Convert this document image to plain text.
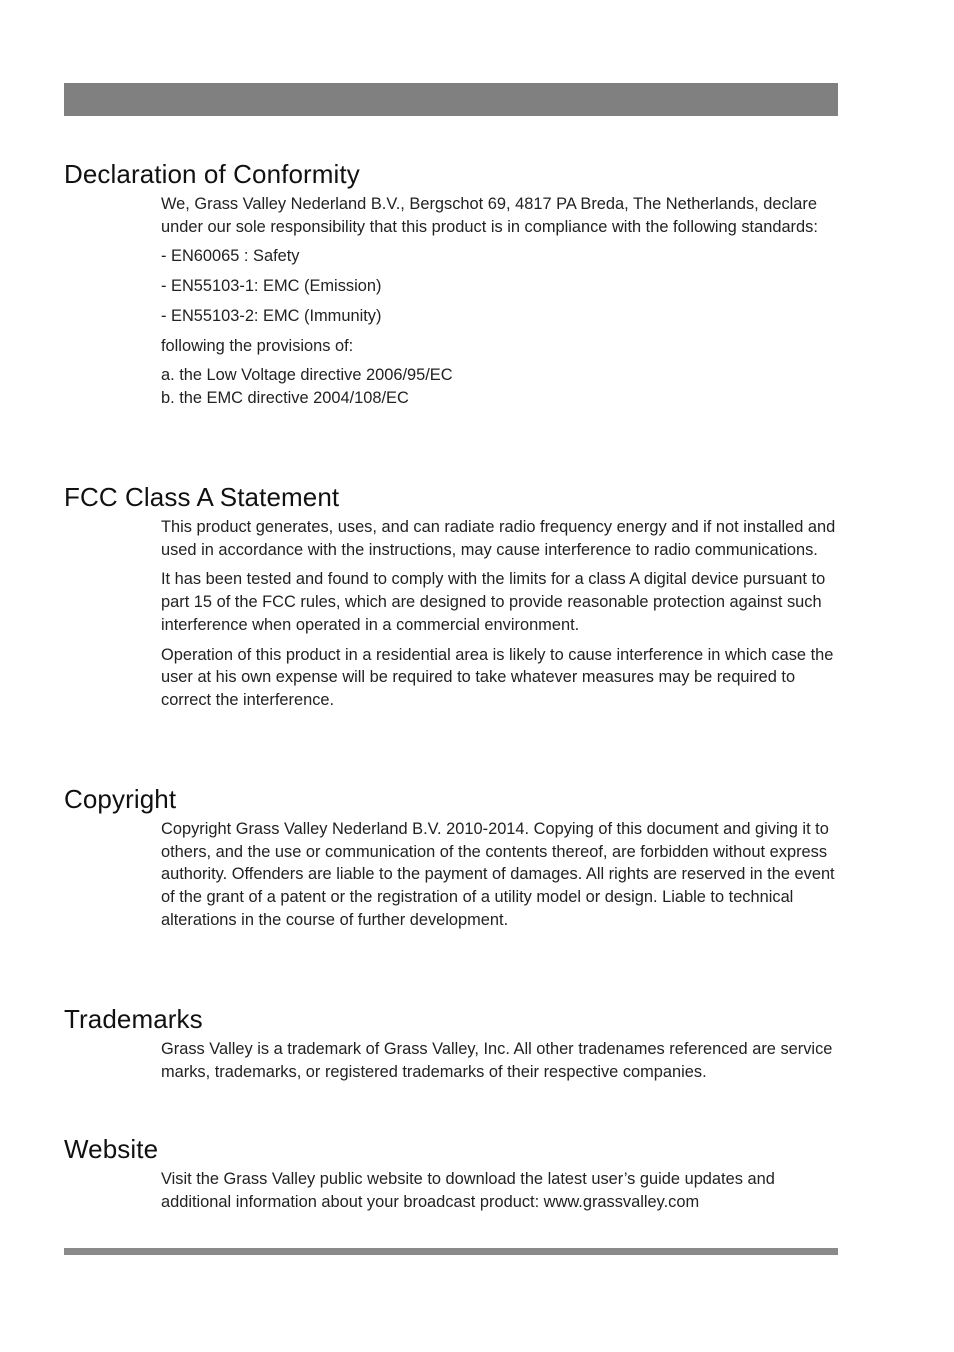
Declaration of Conformity

We, Grass Valley Nederland B.V., Bergschot 69, 4817 PA Breda, The Netherlands, declare under our sole responsibility that this product is in compliance with the following standards:

- EN60065 : Safety

- EN55103-1: EMC (Emission)

- EN55103-2: EMC (Immunity)

following the provisions of:

a. the Low Voltage directive 2006/95/EC

b. the EMC directive 2004/108/EC

FCC Class A Statement

This product generates, uses, and can radiate radio frequency energy and if not installed and used in accordance with the instructions, may cause interference to radio communications.

It has been tested and found to comply with the limits for a class A digital device pursuant to part 15 of the FCC rules, which are designed to provide reasonable protection against such interference when operated in a commercial environment.

Operation of this product in a residential area is likely to cause interference in which case the user at his own expense will be required to take whatever measures may be required to correct the interference.

Copyright

Copyright Grass Valley Nederland B.V. 2010-2014. Copying of this document and giving it to others, and the use or communication of the contents thereof, are forbidden without express authority. Offenders are liable to the payment of damages. All rights are reserved in the event of the grant of a patent or the registration of a utility model or design. Liable to technical alterations in the course of further development.

Trademarks

Grass Valley is a trademark of Grass Valley, Inc. All other tradenames referenced are service marks, trademarks, or registered trademarks of their respective companies.

Website

Visit the Grass Valley public website to download the latest user’s guide updates and additional information about your broadcast product: www.grassvalley.com
